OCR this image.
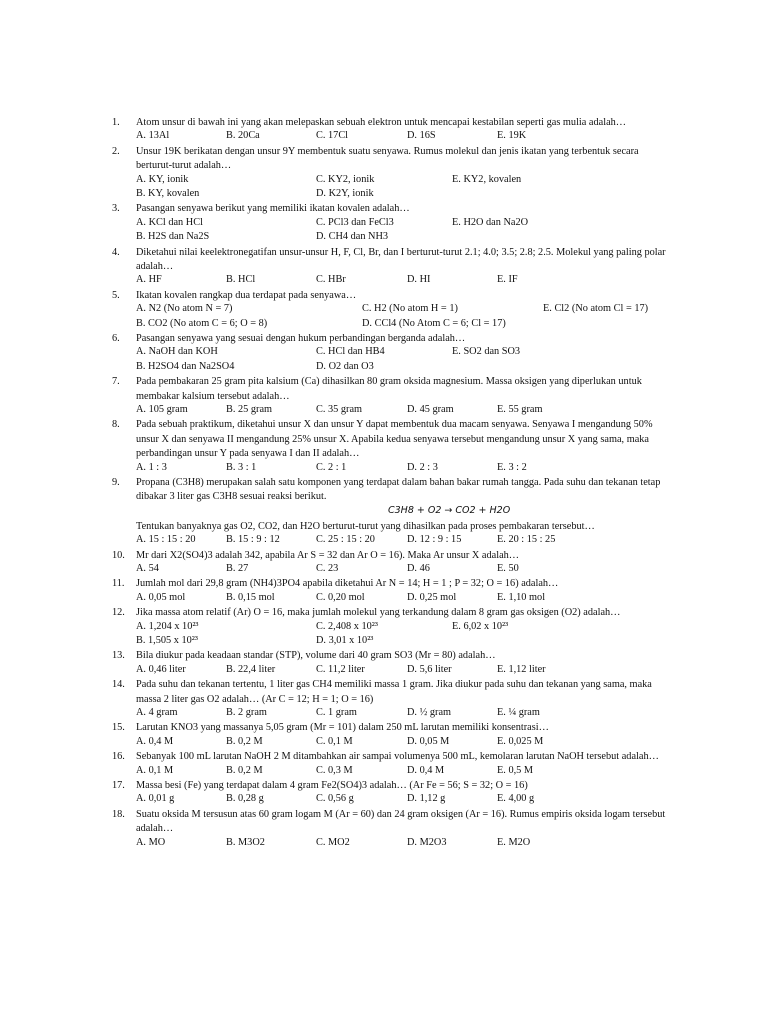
1. Atom unsur di bawah ini yang akan melepaskan sebuah elektron untuk mencapai kestabilan seperti gas mulia adalah…
A. 13Al	B. 20Ca	C. 17Cl	D. 16S	E. 19K
2. Unsur 19K berikatan dengan unsur 9Y membentuk suatu senyawa. Rumus molekul dan jenis ikatan yang terbentuk secara berturut-turut adalah…
A. KY, ionik	C. KY2, ionik	E. KY2, kovalen
B. KY, kovalen	D. K2Y, ionik
3. Pasangan senyawa berikut yang memiliki ikatan kovalen adalah…
A. KCl dan HCl	C. PCl3 dan FeCl3	E. H2O dan Na2O
B. H2S dan Na2S	D. CH4 dan NH3
4. Diketahui nilai keelektronegatifan unsur-unsur H, F, Cl, Br, dan I berturut-turut 2.1; 4.0; 3.5; 2.8; 2.5. Molekul yang paling polar adalah…
A. HF	B. HCl	C. HBr	D. HI	E. IF
5. Ikatan kovalen rangkap dua terdapat pada senyawa…
A. N2 (No atom N = 7)	C. H2 (No atom H = 1)	E. Cl2 (No atom Cl = 17)
B. CO2 (No atom C = 6; O = 8)	D. CCl4 (No Atom C = 6; Cl = 17)
6. Pasangan senyawa yang sesuai dengan hukum perbandingan berganda adalah…
A. NaOH dan KOH	C. HCl dan HB4	E. SO2 dan SO3
B. H2SO4 dan Na2SO4	D. O2 dan O3
7. Pada pembakaran 25 gram pita kalsium (Ca) dihasilkan 80 gram oksida magnesium. Massa oksigen yang diperlukan untuk membakar kalsium tersebut adalah…
A. 105 gram	B. 25 gram	C. 35 gram	D. 45 gram	E. 55 gram
8. Pada sebuah praktikum, diketahui unsur X dan unsur Y dapat membentuk dua macam senyawa. Senyawa I mengandung 50% unsur X dan senyawa II mengandung 25% unsur X. Apabila kedua senyawa tersebut mengandung unsur X yang sama, maka perbandingan unsur Y pada senyawa I dan II adalah…
A. 1 : 3	B. 3 : 1	C. 2 : 1	D. 2 : 3	E. 3 : 2
9. Propana (C3H8) merupakan salah satu komponen yang terdapat dalam bahan bakar rumah tangga. Pada suhu dan tekanan tetap dibakar 3 liter gas C3H8 sesuai reaksi berikut.
C3H8 + O2 → CO2 + H2O
Tentukan banyaknya gas O2, CO2, dan H2O berturut-turut yang dihasilkan pada proses pembakaran tersebut…
A. 15 : 15 : 20	B. 15 : 9 : 12	C. 25 : 15 : 20	D. 12 : 9 : 15	E. 20 : 15 : 25
10. Mr dari X2(SO4)3 adalah 342, apabila Ar S = 32 dan Ar O = 16). Maka Ar unsur X adalah…
A. 54	B. 27	C. 23	D. 46	E. 50
11. Jumlah mol dari 29,8 gram (NH4)3PO4 apabila diketahui Ar N = 14; H = 1 ; P = 32; O = 16) adalah…
A. 0,05 mol	B. 0,15 mol	C. 0,20 mol	D. 0,25 mol	E. 1,10 mol
12. Jika massa atom relatif (Ar) O = 16, maka jumlah molekul yang terkandung dalam 8 gram gas oksigen (O2) adalah…
A. 1,204 x 10²³	C. 2,408 x 10²³	E. 6,02 x 10²³
B. 1,505 x 10²³	D. 3,01 x 10²³
13. Bila diukur pada keadaan standar (STP), volume dari 40 gram SO3 (Mr = 80) adalah…
A. 0,46 liter	B. 22,4 liter	C. 11,2 liter	D. 5,6 liter	E. 1,12 liter
14. Pada suhu dan tekanan tertentu, 1 liter gas CH4 memiliki massa 1 gram. Jika diukur pada suhu dan tekanan yang sama, maka massa 2 liter gas O2 adalah… (Ar C = 12; H = 1; O = 16)
A. 4 gram	B. 2 gram	C. 1 gram	D. ½ gram	E. ¼ gram
15. Larutan KNO3 yang massanya 5,05 gram (Mr = 101) dalam 250 mL larutan memiliki konsentrasi…
A. 0,4 M	B. 0,2 M	C. 0,1 M	D. 0,05 M	E. 0,025 M
16. Sebanyak 100 mL larutan NaOH 2 M ditambahkan air sampai volumenya 500 mL, kemolaran larutan NaOH tersebut adalah…
A. 0,1 M	B. 0,2 M	C. 0,3 M	D. 0,4 M	E. 0,5 M
17. Massa besi (Fe) yang terdapat dalam 4 gram Fe2(SO4)3 adalah… (Ar Fe = 56; S = 32; O = 16)
A. 0,01 g	B. 0,28 g	C. 0,56 g	D. 1,12 g	E. 4,00 g
18. Suatu oksida M tersusun atas 60 gram logam M (Ar = 60) dan 24 gram oksigen (Ar = 16). Rumus empiris oksida logam tersebut adalah…
A. MO	B. M3O2	C. MO2	D. M2O3	E. M2O
